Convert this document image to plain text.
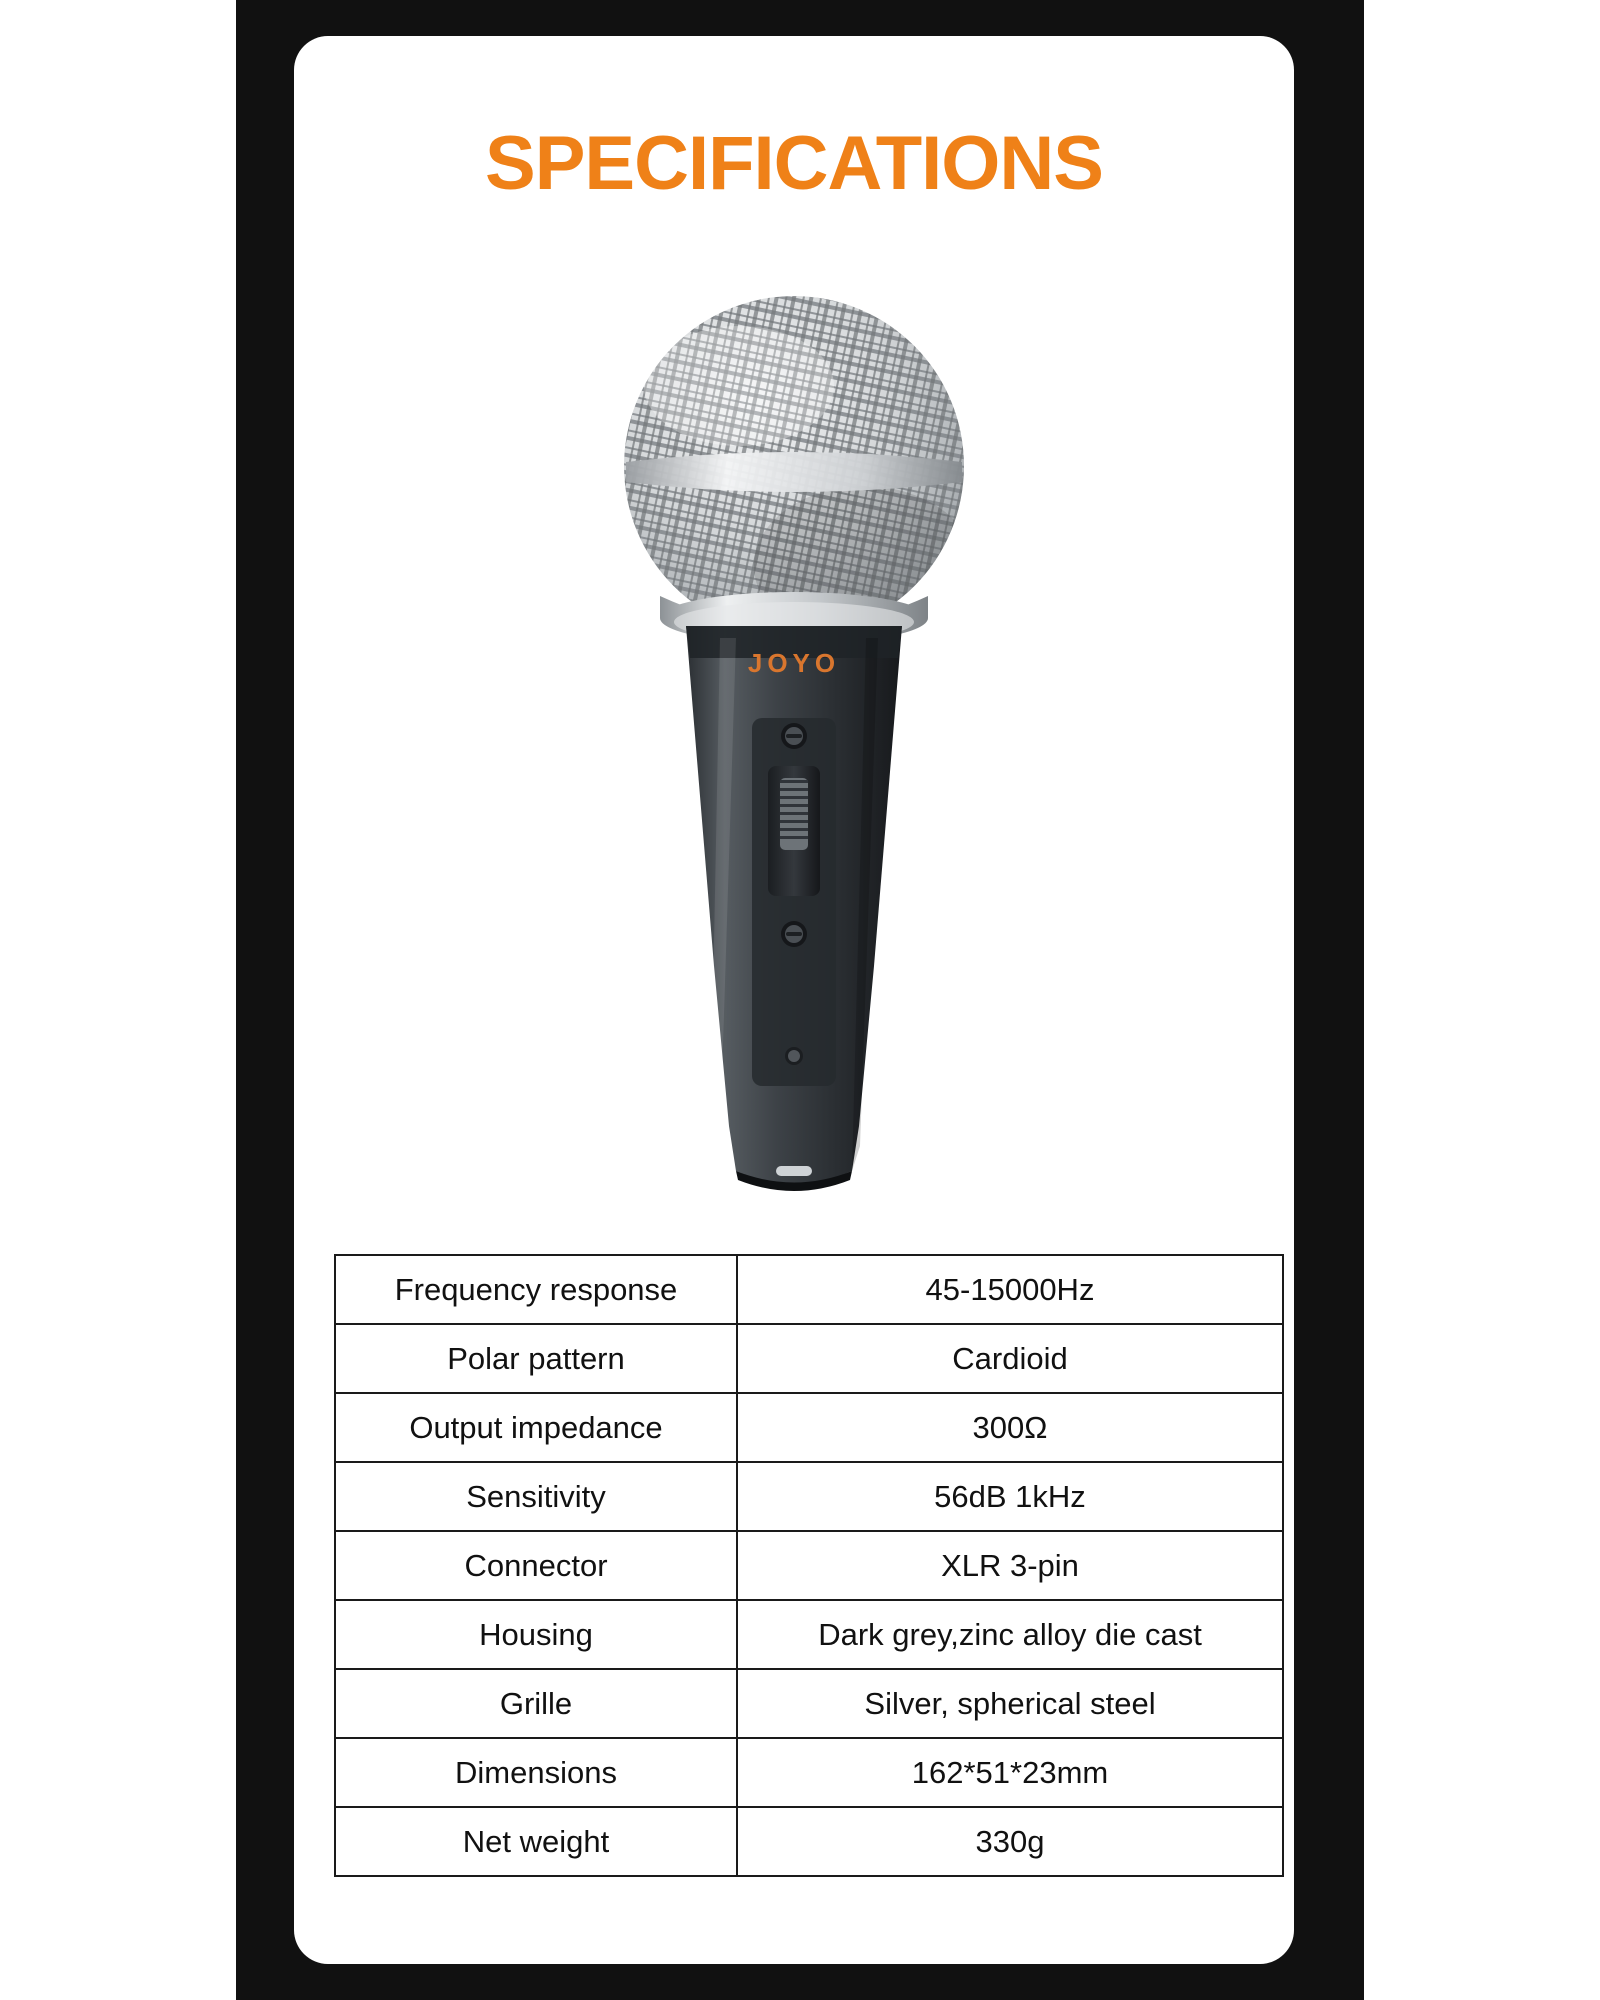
SPECIFICATIONS
JOYO
Frequency response	45-15000Hz
Polar pattern	Cardioid
Output impedance	300Ω
Sensitivity	56dB 1kHz
Connector	XLR 3-pin
Housing	Dark grey,zinc alloy die cast
Grille	Silver, spherical steel
Dimensions	162*51*23mm
Net weight	330g
